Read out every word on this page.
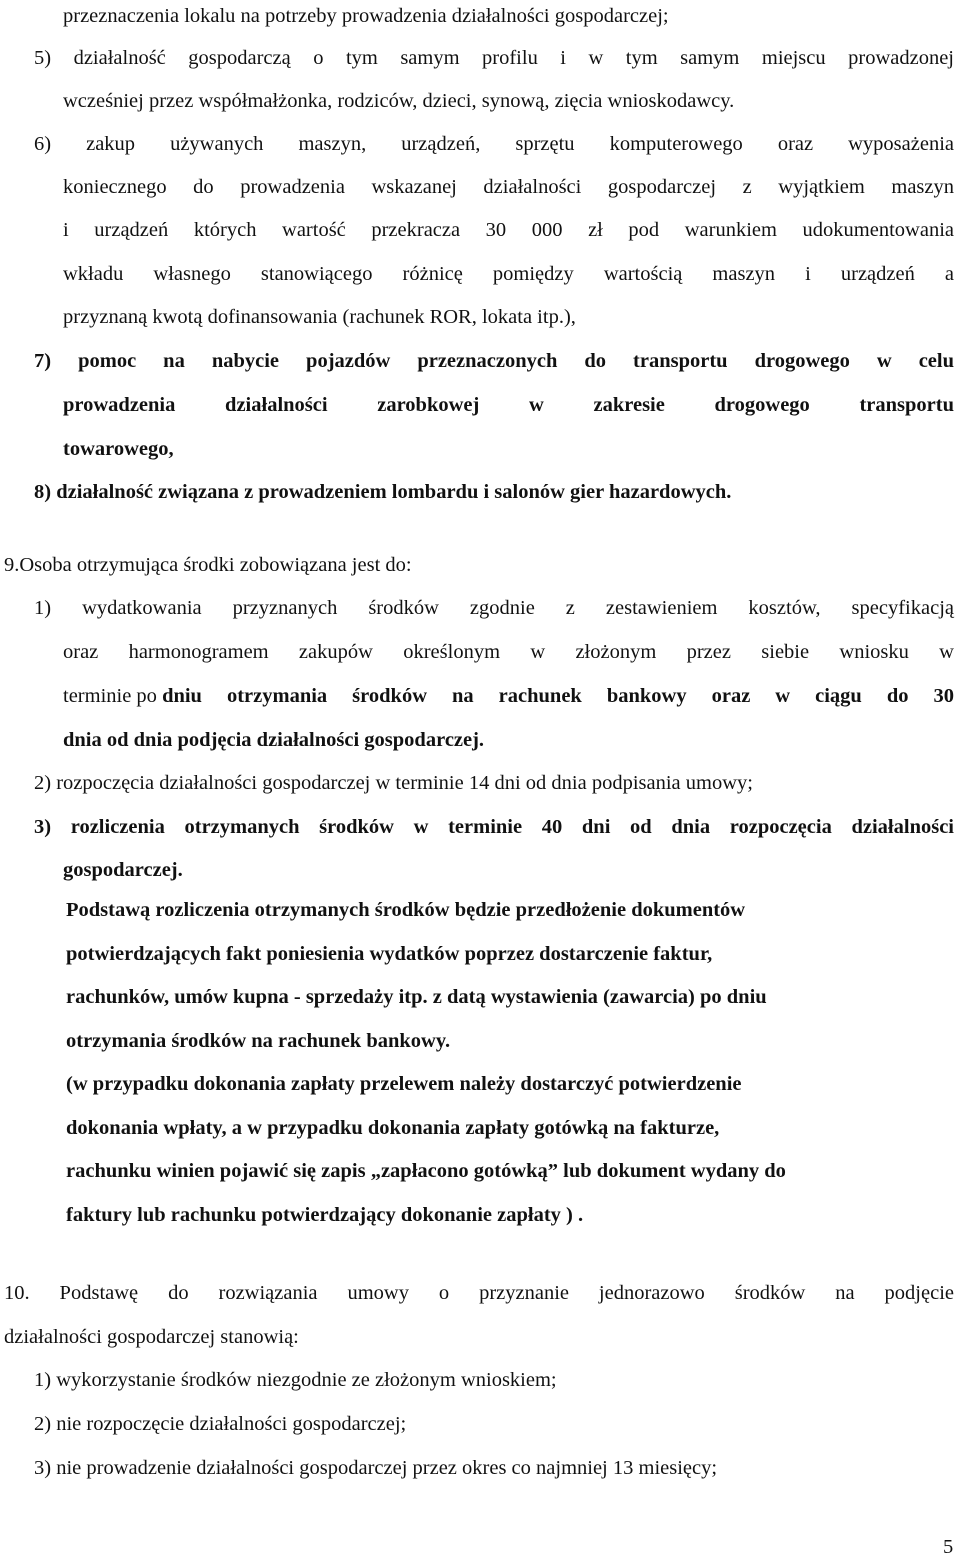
przeznaczenia lokalu na potrzeby prowadzenia działalności gospodarczej;

5) działalność gospodarczą o tym samym profilu i w tym samym miejscu prowadzonej

wcześniej przez współmałżonka, rodziców, dzieci, synową, zięcia wnioskodawcy.

6) zakup używanych maszyn, urządzeń, sprzętu komputerowego oraz wyposażenia

koniecznego do prowadzenia wskazanej działalności gospodarczej z wyjątkiem maszyn

i urządzeń których wartość przekracza 30 000 zł pod warunkiem udokumentowania

wkładu własnego stanowiącego różnicę pomiędzy wartością maszyn i urządzeń a

przyznaną kwotą dofinansowania (rachunek ROR, lokata itp.),

7) pomoc na nabycie pojazdów przeznaczonych do transportu drogowego w celu

prowadzenia działalności zarobkowej w zakresie drogowego transportu

towarowego,

8) działalność związana z prowadzeniem lombardu i salonów gier hazardowych.

9.Osoba otrzymująca środki zobowiązana jest do:

1) wydatkowania przyznanych środków zgodnie z zestawieniem kosztów, specyfikacją

oraz harmonogramem zakupów określonym w złożonym przez siebie wniosku w

terminie po dniu otrzymania środków na rachunek bankowy oraz w ciągu do 30

dnia od dnia podjęcia działalności gospodarczej.

2) rozpoczęcia działalności gospodarczej w terminie 14 dni od dnia podpisania umowy;

3) rozliczenia otrzymanych środków w terminie 40 dni od dnia rozpoczęcia działalności

gospodarczej.

Podstawą rozliczenia otrzymanych środków będzie przedłożenie dokumentów

potwierdzających fakt poniesienia wydatków poprzez dostarczenie faktur,

rachunków, umów kupna - sprzedaży itp. z datą wystawienia (zawarcia) po dniu

otrzymania środków na rachunek bankowy.

(w przypadku dokonania zapłaty przelewem należy dostarczyć potwierdzenie

dokonania wpłaty, a w przypadku dokonania zapłaty gotówką na fakturze,

rachunku winien pojawić się zapis „zapłacono gotówką” lub dokument wydany do

faktury lub rachunku potwierdzający dokonanie zapłaty ) .

10. Podstawę do rozwiązania umowy o przyznanie jednorazowo środków na podjęcie

działalności gospodarczej stanowią:

1) wykorzystanie środków niezgodnie ze złożonym wnioskiem;

2) nie rozpoczęcie działalności gospodarczej;

3) nie prowadzenie działalności gospodarczej przez okres co najmniej 13 miesięcy;

5
